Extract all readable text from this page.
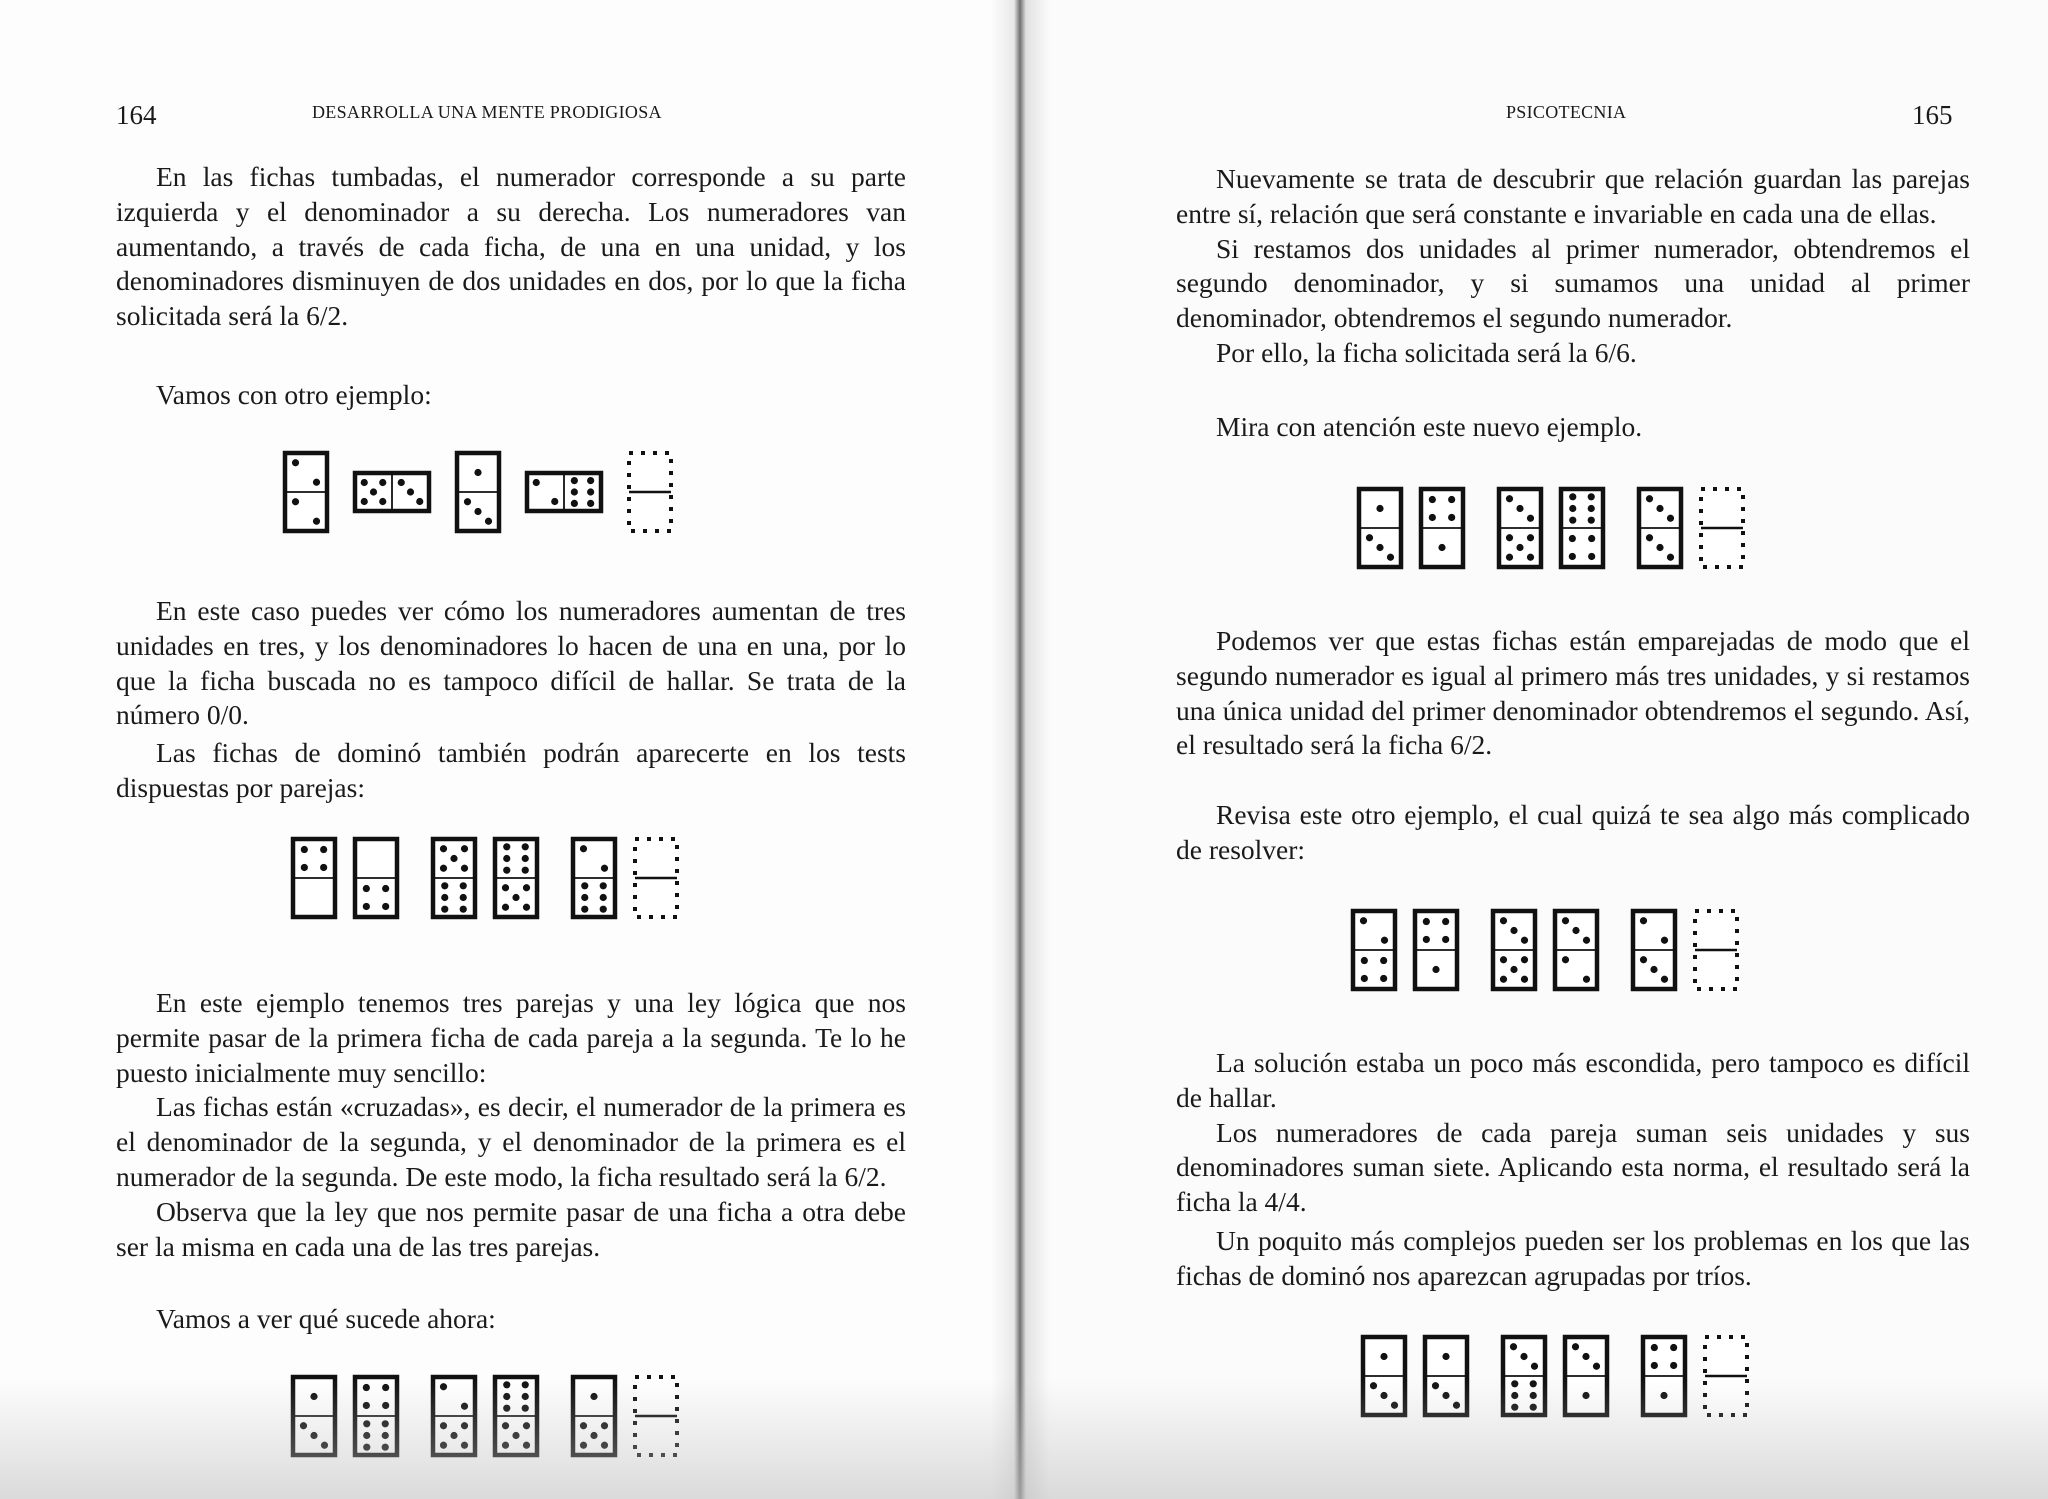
164	DESARROLLA UNA MENTE PRODIGIOSA

En las fichas tumbadas, el numerador corresponde a su parte izquierda y el denominador a su derecha. Los numeradores van aumentando, a través de cada ficha, de una en una unidad, y los denominadores disminuyen de dos unidades en dos, por lo que la ficha solicitada será la 6/2.

Vamos con otro ejemplo:

En este caso puedes ver cómo los numeradores aumentan de tres unidades en tres, y los denominadores lo hacen de una en una, por lo que la ficha buscada no es tampoco difícil de hallar. Se trata de la número 0/0.

Las fichas de dominó también podrán aparecerte en los tests dispuestas por parejas:

En este ejemplo tenemos tres parejas y una ley lógica que nos permite pasar de la primera ficha de cada pareja a la segunda. Te lo he puesto inicialmente muy sencillo:

Las fichas están «cruzadas», es decir, el numerador de la primera es el denominador de la segunda, y el denominador de la primera es el numerador de la segunda. De este modo, la ficha resultado será la 6/2.

Observa que la ley que nos permite pasar de una ficha a otra debe ser la misma en cada una de las tres parejas.

Vamos a ver qué sucede ahora:

PSICOTECNIA	165

Nuevamente se trata de descubrir que relación guardan las parejas entre sí, relación que será constante e invariable en cada una de ellas.

Si restamos dos unidades al primer numerador, obtendremos el segundo denominador, y si sumamos una unidad al primer denominador, obtendremos el segundo numerador.

Por ello, la ficha solicitada será la 6/6.

Mira con atención este nuevo ejemplo.

Podemos ver que estas fichas están emparejadas de modo que el segundo numerador es igual al primero más tres unidades, y si restamos una única unidad del primer denominador obtendremos el segundo. Así, el resultado será la ficha 6/2.

Revisa este otro ejemplo, el cual quizá te sea algo más complicado de resolver:

La solución estaba un poco más escondida, pero tampoco es difícil de hallar.

Los numeradores de cada pareja suman seis unidades y sus denominadores suman siete. Aplicando esta norma, el resultado será la ficha la 4/4.

Un poquito más complejos pueden ser los problemas en los que las fichas de dominó nos aparezcan agrupadas por tríos.
